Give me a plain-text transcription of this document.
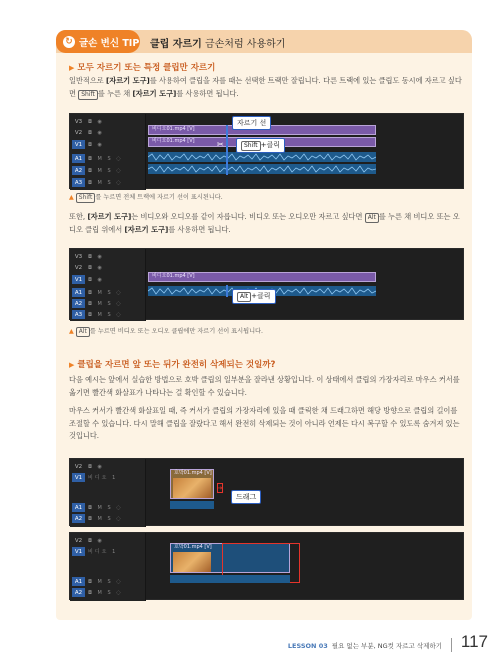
↻ 글손 변신 TIP 클립 자르기 금손처럼 사용하기
▶ 모두 자르기 또는 특정 클립만 자르기
일반적으로 [자르기 도구]를 사용하여 클립을 자를 때는 선택한 트랙만 잘립니다. 다른 트랙에 있는 클립도 동시에 자르고 싶다면 Shift 를 누른 채 [자르기 도구]를 사용하면 됩니다.
V3	◘ ◉
V2	◘ ◉
V1	◘ ◉
A1	◘ M S ◌
A2	◘ M S ◌
A3	◘ M S ◌
비디오01.mp4 [V]
비디오01.mp4 [V]
자르기 선
Shift +클릭
✂
▲ Shift 를 누르면 전체 트랙에 자르기 선이 표시된니다.
또한, [자르기 도구]는 비디오와 오디오를 같이 자릅니다. 비디오 또는 오디오만 자르고 싶다면 Alt 를 누른 채 비디오 또는 오디오 클립 위에서 [자르기 도구]를 사용하면 됩니다.
V3	◘ ◉
V2	◘ ◉
V1	◘ ◉
A1	◘ M S ◌
A2	◘ M S ◌
A3	◘ M S ◌
비디오01.mp4 [V]
Alt +클릭
▲ Alt 를 누르면 비디오 또는 오디오 클립에만 자르기 선이 표시됩니다.
▶ 클립을 자르면 앞 또는 뒤가 완전히 삭제되는 것일까?
다음 예시는 앞에서 실습한 방법으로 호박 클립의 일부분을 잘라낸 상황입니다. 이 상태에서 클립의 가장자리로 마우스 커서를 옮기면 빨간색 화살표가 나타나는 걸 확인할 수 있습니다.
마우스 커서가 빨간색 화살표일 때, 즉 커서가 클립의 가장자리에 있을 때 클릭한 채 드래그하면 해당 방향으로 클립의 길이를 조절할 수 있습니다. 다시 말해 클립을 잘랐다고 해서 완전히 삭제되는 것이 아니라 언제든 다시 복구할 수 있도록 숨겨져 있는 것입니다.
V2	◘ ◉
V1	비디오 1
A1	◘ M S ◌
A2	◘ M S ◌
호박01.mp4 [V]
⇥
드래그
V2	◘ ◉
V1	비디오 1
A1	◘ M S ◌
A2	◘ M S ◌
호박01.mp4 [V]
LESSON 03 필요 없는 부분, NG컷 자르고 삭제하기 117
